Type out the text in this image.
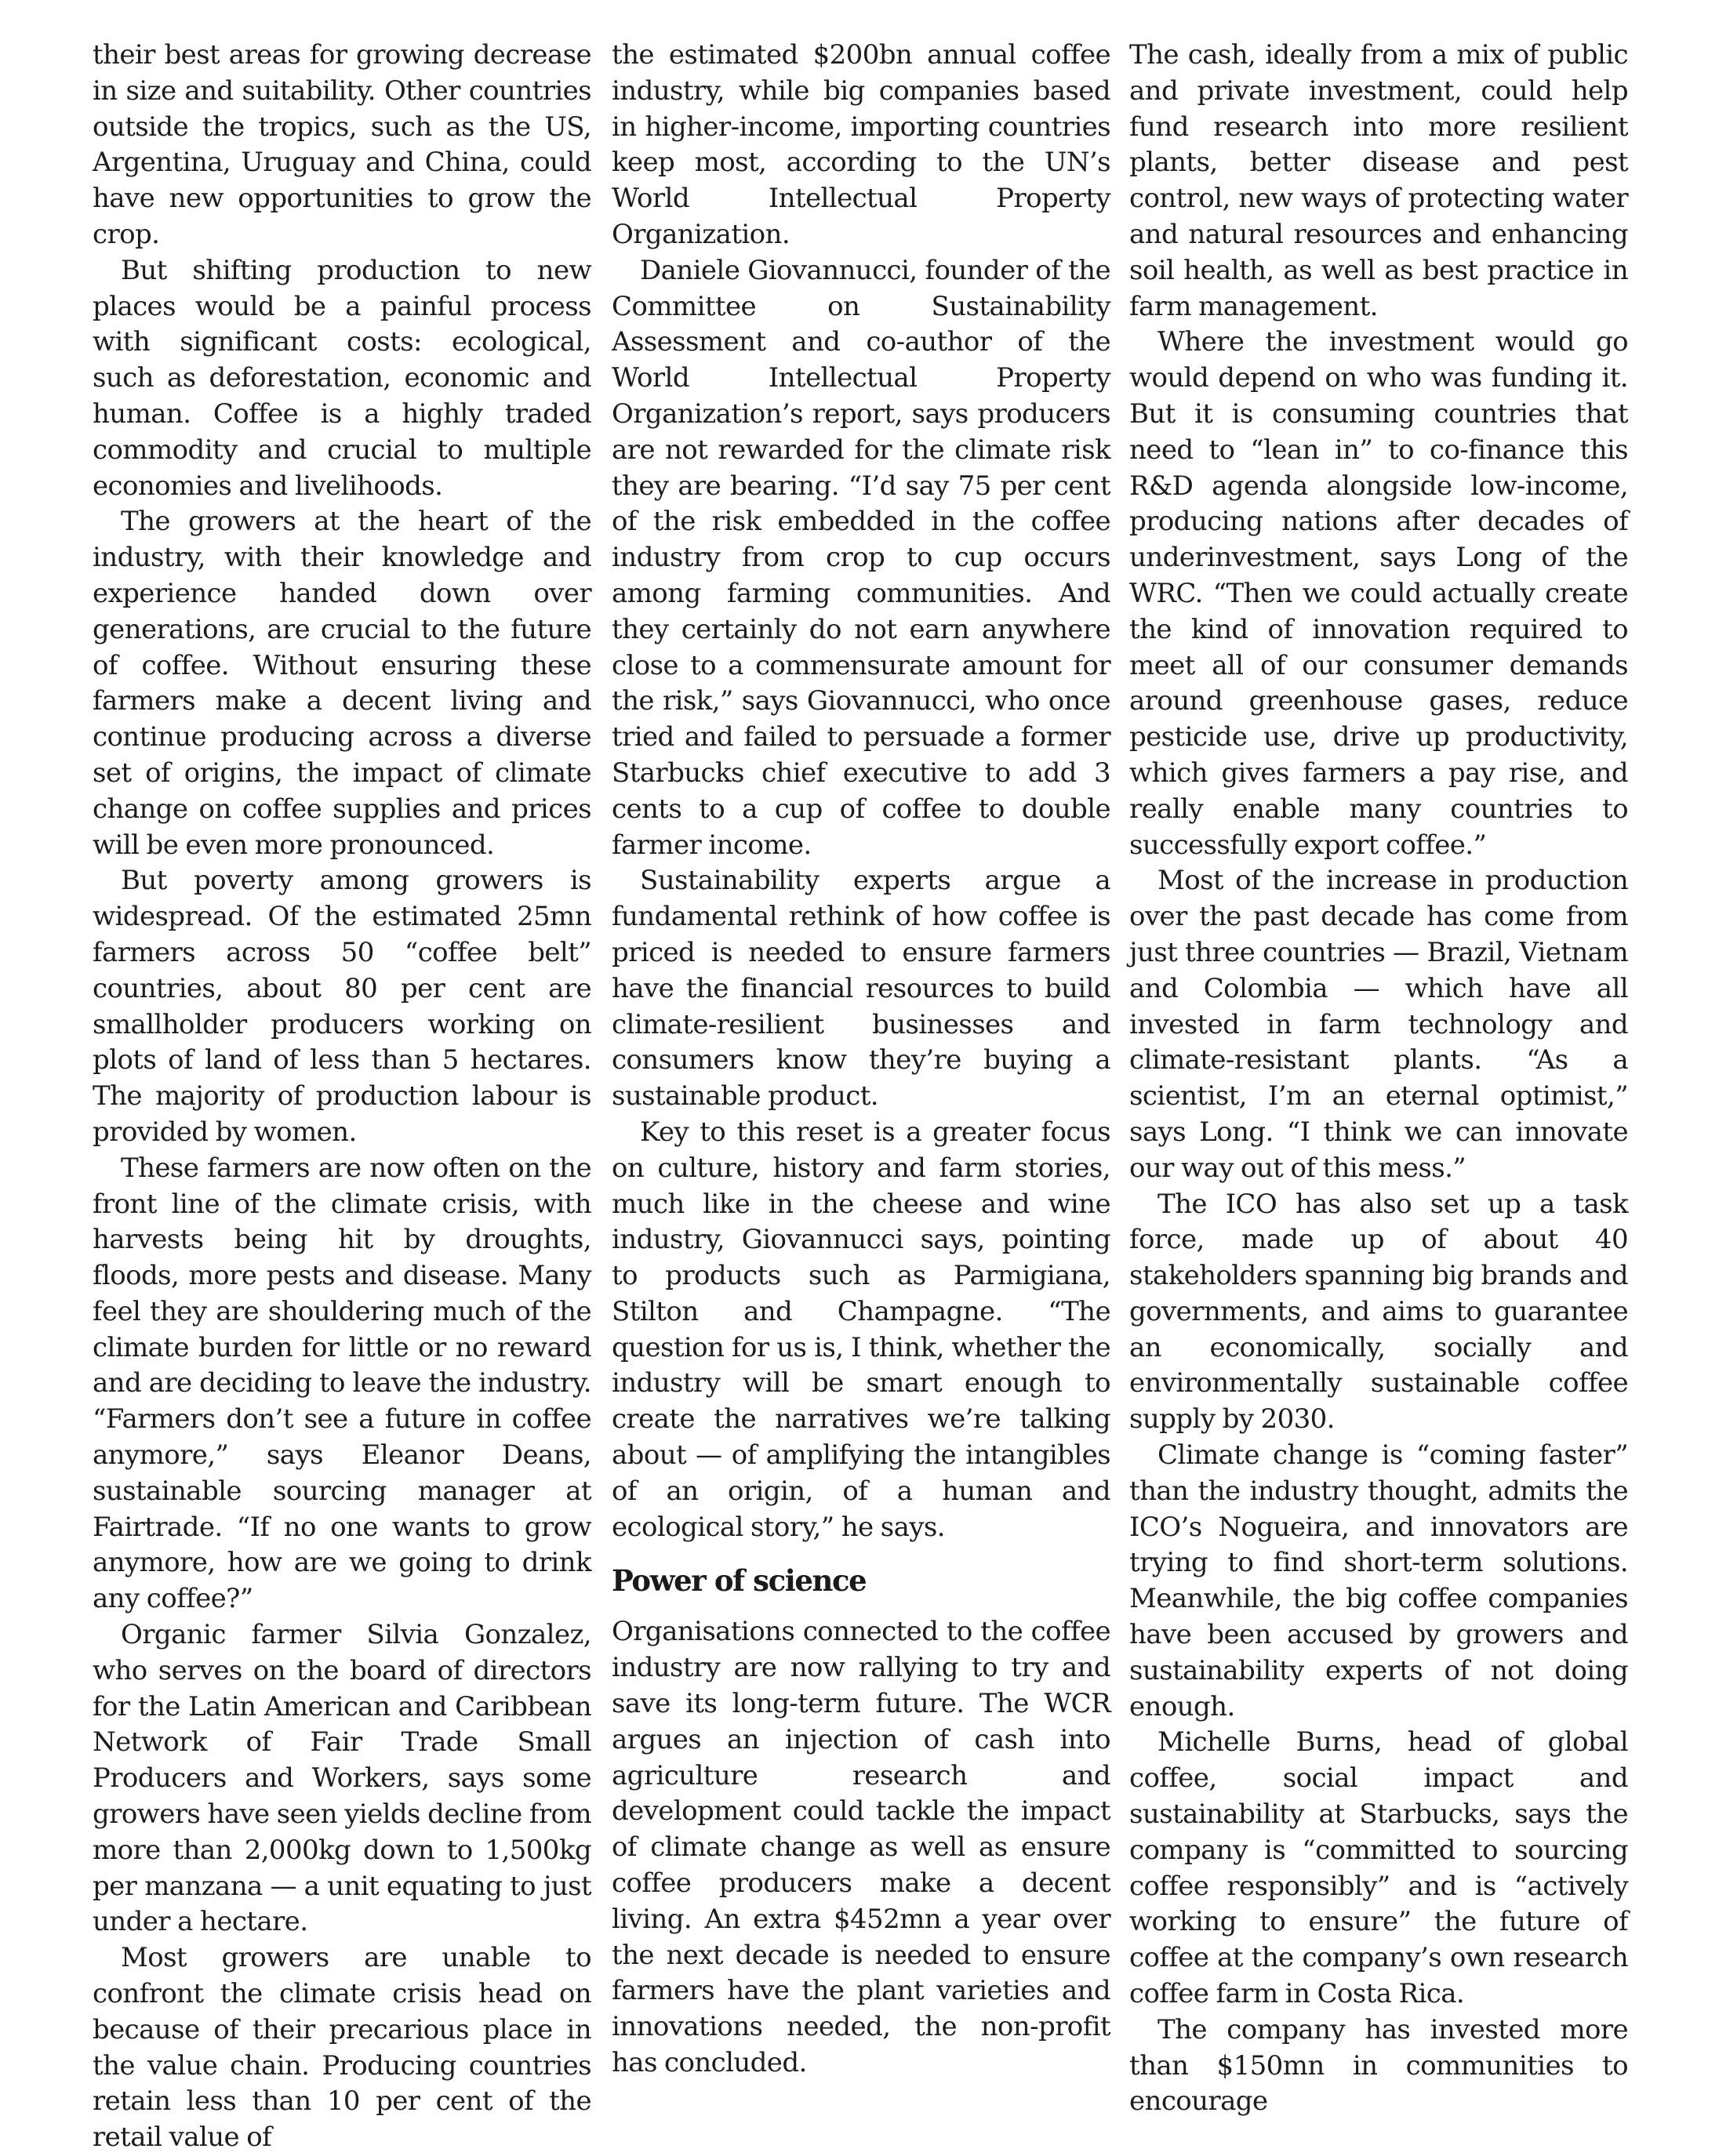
their best areas for growing decrease in size and suitability. Other countries outside the tropics, such as the US, Argentina, Uruguay and China, could have new opportunities to grow the crop.

But shifting production to new places would be a painful process with significant costs: ecological, such as deforestation, economic and human. Coffee is a highly traded commodity and crucial to multiple economies and livelihoods.

The growers at the heart of the industry, with their knowledge and experience handed down over generations, are crucial to the future of coffee. Without ensuring these farmers make a decent living and continue producing across a diverse set of origins, the impact of climate change on coffee supplies and prices will be even more pronounced.

But poverty among growers is widespread. Of the estimated 25mn farmers across 50 “coffee belt” countries, about 80 per cent are smallholder producers working on plots of land of less than 5 hectares. The majority of production labour is provided by women.

These farmers are now often on the front line of the climate crisis, with harvests being hit by droughts, floods, more pests and disease. Many feel they are shouldering much of the climate burden for little or no reward and are deciding to leave the industry. “Farmers don’t see a future in coffee anymore,” says Eleanor Deans, sustainable sourcing manager at Fairtrade. “If no one wants to grow anymore, how are we going to drink any coffee?”

Organic farmer Silvia Gonzalez, who serves on the board of directors for the Latin American and Caribbean Network of Fair Trade Small Producers and Workers, says some growers have seen yields decline from more than 2,000kg down to 1,500kg per manzana — a unit equating to just under a hectare.

Most growers are unable to confront the climate crisis head on because of their precarious place in the value chain. Producing countries retain less than 10 per cent of the retail value of

the estimated $200bn annual coffee industry, while big companies based in higher-income, importing countries keep most, according to the UN’s World Intellectual Property Organization.

Daniele Giovannucci, founder of the Committee on Sustainability Assessment and co-author of the World Intellectual Property Organization’s report, says producers are not rewarded for the climate risk they are bearing. “I’d say 75 per cent of the risk embedded in the coffee industry from crop to cup occurs among farming communities. And they certainly do not earn anywhere close to a commensurate amount for the risk,” says Giovannucci, who once tried and failed to persuade a former Starbucks chief executive to add 3 cents to a cup of coffee to double farmer income.

Sustainability experts argue a fundamental rethink of how coffee is priced is needed to ensure farmers have the financial resources to build climate-resilient businesses and consumers know they’re buying a sustainable product.

Key to this reset is a greater focus on culture, history and farm stories, much like in the cheese and wine industry, Giovannucci says, pointing to products such as Parmigiana, Stilton and Champagne. “The question for us is, I think, whether the industry will be smart enough to create the narratives we’re talking about — of amplifying the intangibles of an origin, of a human and ecological story,” he says.

Power of science

Organisations connected to the coffee industry are now rallying to try and save its long-term future. The WCR argues an injection of cash into agriculture research and development could tackle the impact of climate change as well as ensure coffee producers make a decent living. An extra $452mn a year over the next decade is needed to ensure farmers have the plant varieties and innovations needed, the non-profit has concluded.

The cash, ideally from a mix of public and private investment, could help fund research into more resilient plants, better disease and pest control, new ways of protecting water and natural resources and enhancing soil health, as well as best practice in farm management.

Where the investment would go would depend on who was funding it. But it is consuming countries that need to “lean in” to co-finance this R&D agenda alongside low-income, producing nations after decades of underinvestment, says Long of the WRC. “Then we could actually create the kind of innovation required to meet all of our consumer demands around greenhouse gases, reduce pesticide use, drive up productivity, which gives farmers a pay rise, and really enable many countries to successfully export coffee.”

Most of the increase in production over the past decade has come from just three countries — Brazil, Vietnam and Colombia — which have all invested in farm technology and climate-resistant plants. “As a scientist, I’m an eternal optimist,” says Long. “I think we can innovate our way out of this mess.”

The ICO has also set up a task force, made up of about 40 stakeholders spanning big brands and governments, and aims to guarantee an economically, socially and environmentally sustainable coffee supply by 2030.

Climate change is “coming faster” than the industry thought, admits the ICO’s Nogueira, and innovators are trying to find short-term solutions. Meanwhile, the big coffee companies have been accused by growers and sustainability experts of not doing enough.

Michelle Burns, head of global coffee, social impact and sustainability at Starbucks, says the company is “committed to sourcing coffee responsibly” and is “actively working to ensure” the future of coffee at the company’s own research coffee farm in Costa Rica.

The company has invested more than $150mn in communities to encourage
